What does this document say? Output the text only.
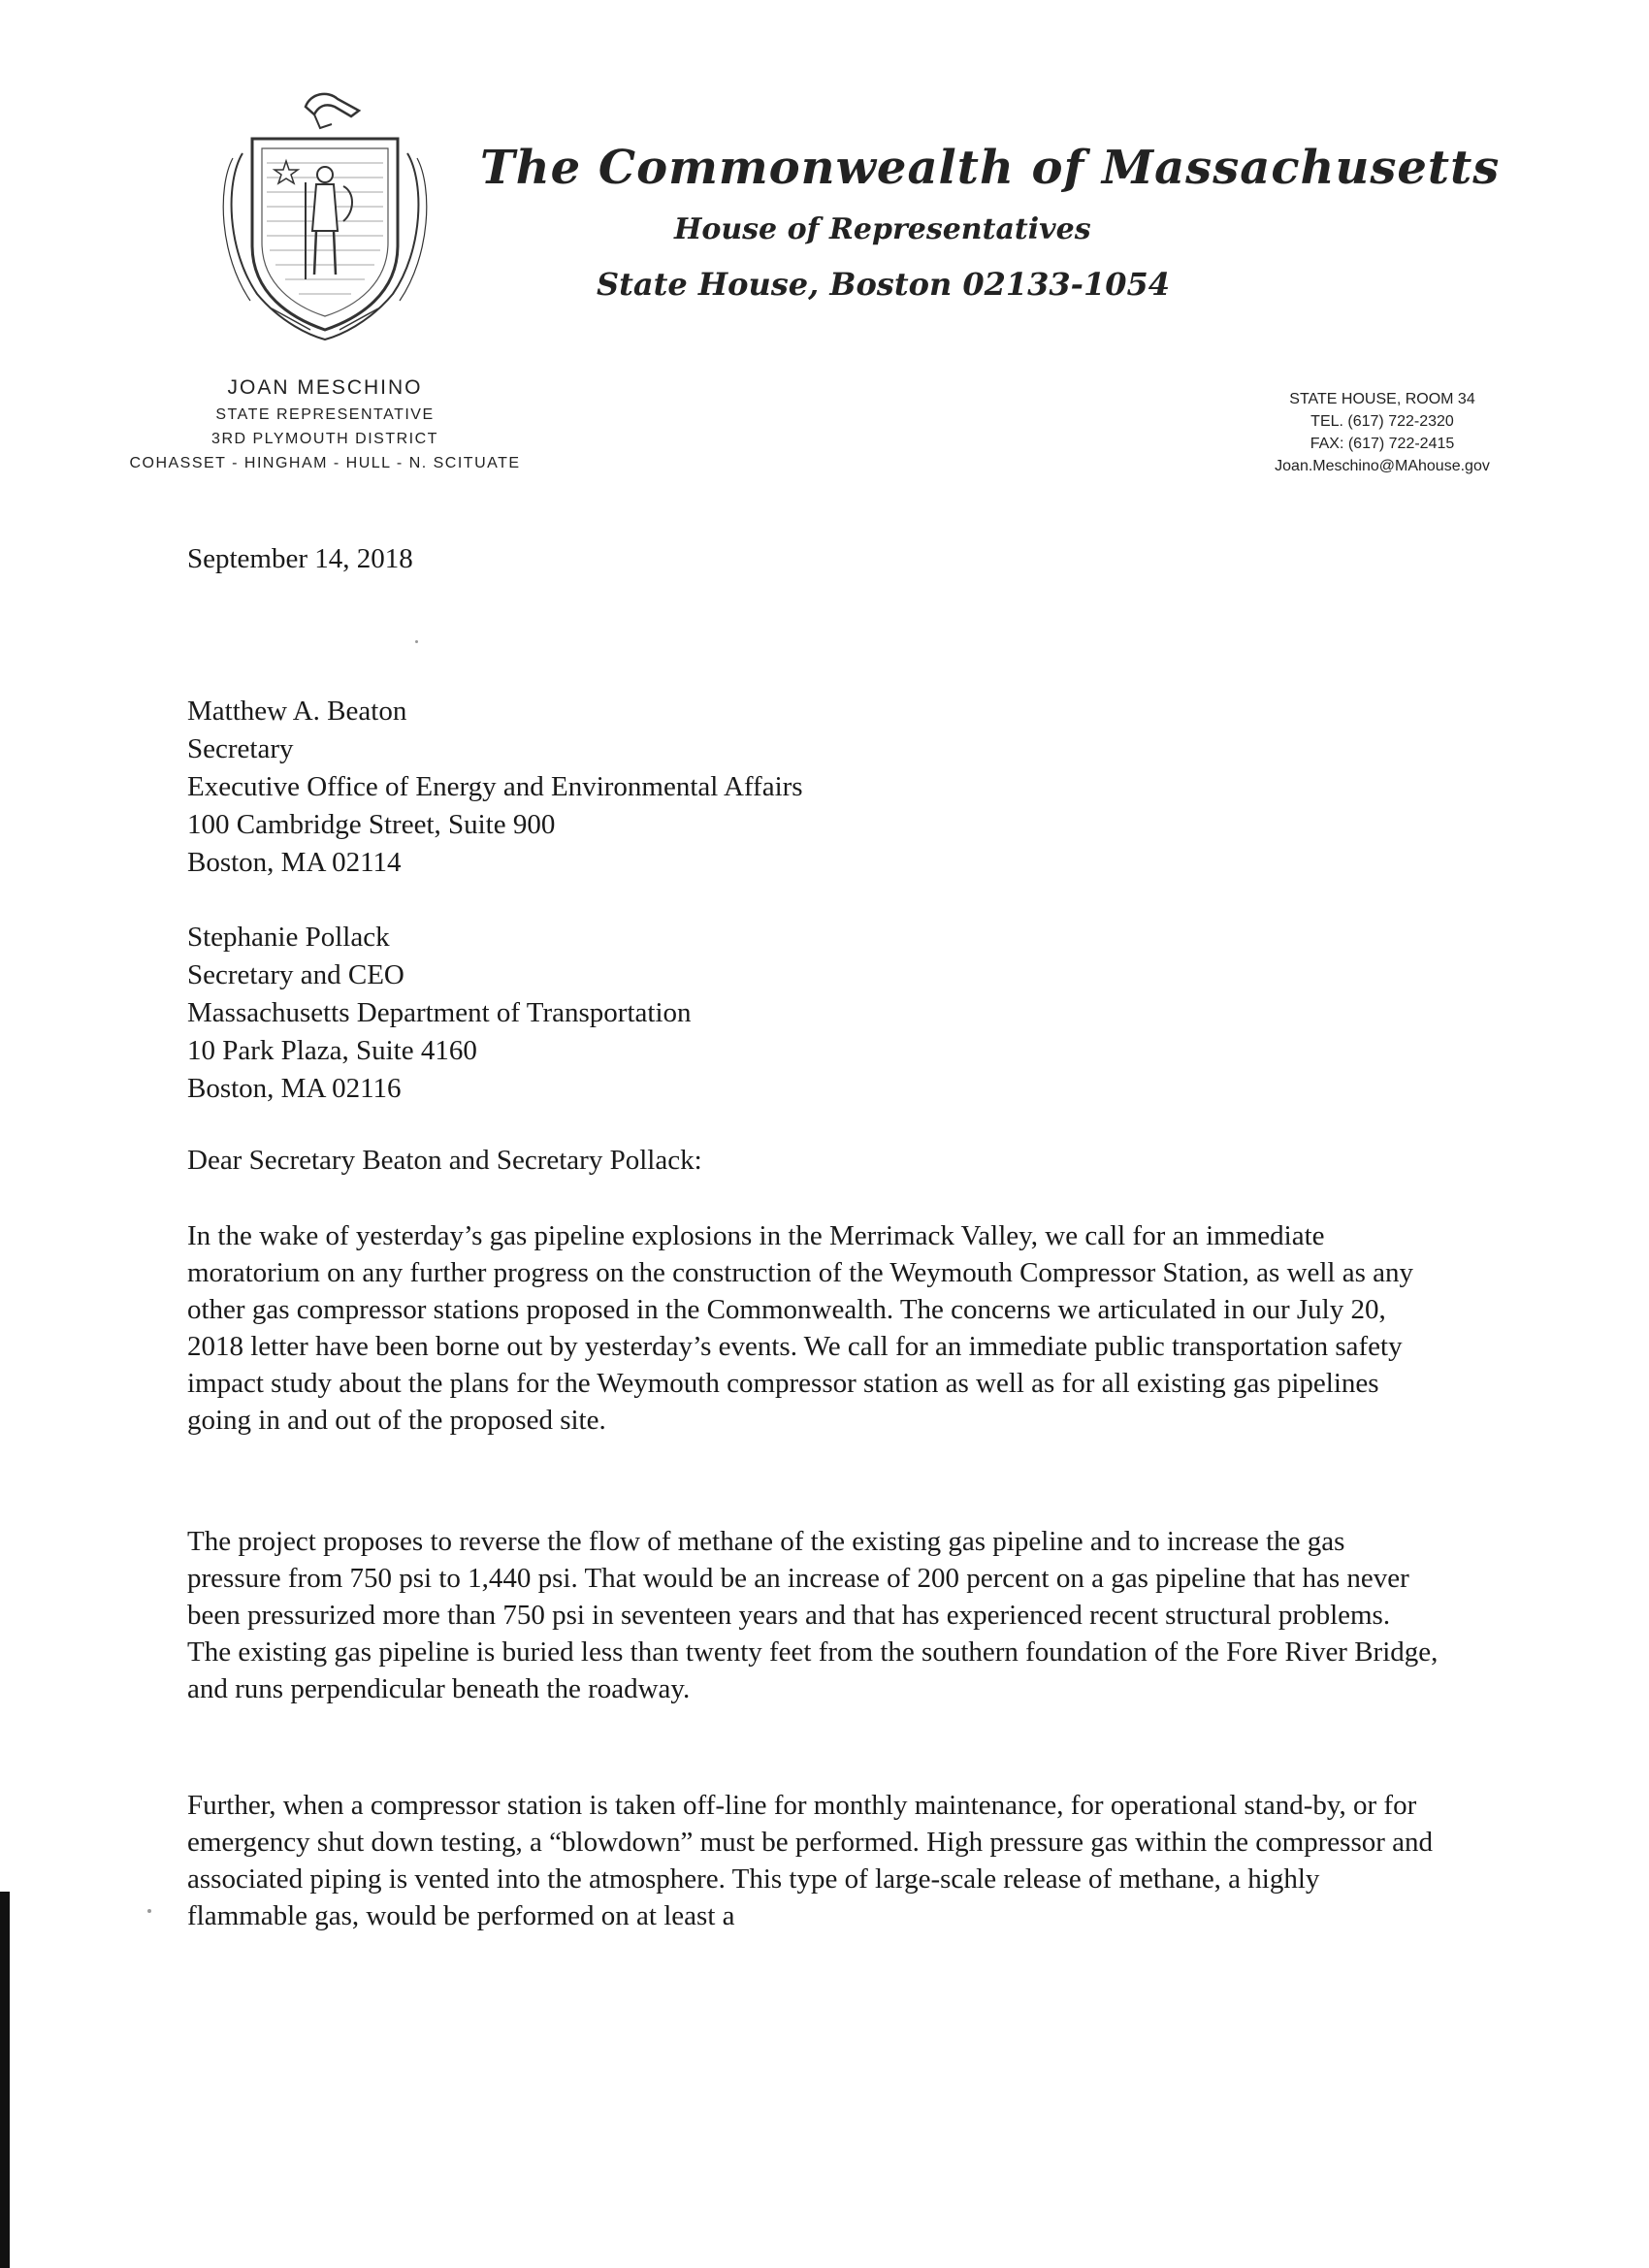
The Commonwealth of Massachusetts
House of Representatives
State House, Boston 02133-1054
JOAN MESCHINO
STATE REPRESENTATIVE
3RD PLYMOUTH DISTRICT
COHASSET - HINGHAM - HULL - N. SCITUATE
STATE HOUSE, ROOM 34
TEL. (617) 722-2320
FAX: (617) 722-2415
Joan.Meschino@MAhouse.gov
September 14, 2018
Matthew A. Beaton
Secretary
Executive Office of Energy and Environmental Affairs
100 Cambridge Street, Suite 900
Boston, MA 02114
Stephanie Pollack
Secretary and CEO
Massachusetts Department of Transportation
10 Park Plaza, Suite 4160
Boston, MA 02116
Dear Secretary Beaton and Secretary Pollack:

In the wake of yesterday’s gas pipeline explosions in the Merrimack Valley, we call for an immediate moratorium on any further progress on the construction of the Weymouth Compressor Station, as well as any other gas compressor stations proposed in the Commonwealth. The concerns we articulated in our July 20, 2018 letter have been borne out by yesterday’s events. We call for an immediate public transportation safety impact study about the plans for the Weymouth compressor station as well as for all existing gas pipelines going in and out of the proposed site.

The project proposes to reverse the flow of methane of the existing gas pipeline and to increase the gas pressure from 750 psi to 1,440 psi. That would be an increase of 200 percent on a gas pipeline that has never been pressurized more than 750 psi in seventeen years and that has experienced recent structural problems. The existing gas pipeline is buried less than twenty feet from the southern foundation of the Fore River Bridge, and runs perpendicular beneath the roadway.

Further, when a compressor station is taken off-line for monthly maintenance, for operational stand-by, or for emergency shut down testing, a “blowdown” must be performed. High pressure gas within the compressor and associated piping is vented into the atmosphere. This type of large-scale release of methane, a highly flammable gas, would be performed on at least a
